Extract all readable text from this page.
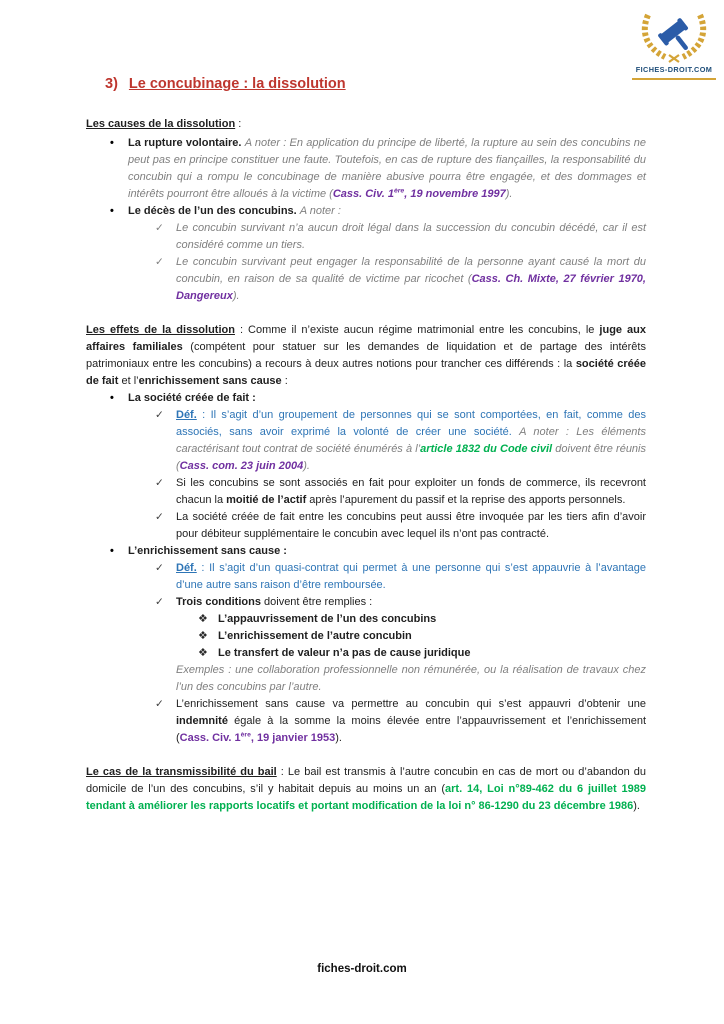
FICHES-DROIT.COM
3) Le concubinage : la dissolution
Les causes de la dissolution :
• La rupture volontaire. A noter : En application du principe de liberté, la rupture au sein des concubins ne peut pas en principe constituer une faute. Toutefois, en cas de rupture des fiançailles, la responsabilité du concubin qui a rompu le concubinage de manière abusive pourra être engagée, et des dommages et intérêts pourront être alloués à la victime (Cass. Civ. 1ère, 19 novembre 1997).
• Le décès de l’un des concubins. A noter :
✓ Le concubin survivant n’a aucun droit légal dans la succession du concubin décédé, car il est considéré comme un tiers.
✓ Le concubin survivant peut engager la responsabilité de la personne ayant causé la mort du concubin, en raison de sa qualité de victime par ricochet (Cass. Ch. Mixte, 27 février 1970, Dangereux).
Les effets de la dissolution : Comme il n’existe aucun régime matrimonial entre les concubins, le juge aux affaires familiales (compétent pour statuer sur les demandes de liquidation et de partage des intérêts patrimoniaux entre les concubins) a recours à deux autres notions pour trancher ces différends : la société créée de fait et l’enrichissement sans cause :
• La société créée de fait :
✓ Déf. : Il s’agit d’un groupement de personnes qui se sont comportées, en fait, comme des associés, sans avoir exprimé la volonté de créer une société. A noter : Les éléments caractérisant tout contrat de société énumérés à l’article 1832 du Code civil doivent être réunis (Cass. com. 23 juin 2004).
✓ Si les concubins se sont associés en fait pour exploiter un fonds de commerce, ils recevront chacun la moitié de l’actif après l’apurement du passif et la reprise des apports personnels.
✓ La société créée de fait entre les concubins peut aussi être invoquée par les tiers afin d’avoir pour débiteur supplémentaire le concubin avec lequel ils n’ont pas contracté.
• L’enrichissement sans cause :
✓ Déf. : Il s’agit d’un quasi-contrat qui permet à une personne qui s’est appauvrie à l’avantage d’une autre sans raison d’être remboursée.
✓ Trois conditions doivent être remplies :
❖ L’appauvrissement de l’un des concubins
❖ L’enrichissement de l’autre concubin
❖ Le transfert de valeur n’a pas de cause juridique
Exemples : une collaboration professionnelle non rémunérée, ou la réalisation de travaux chez l’un des concubins par l’autre.
✓ L’enrichissement sans cause va permettre au concubin qui s’est appauvri d’obtenir une indemnité égale à la somme la moins élevée entre l’appauvrissement et l’enrichissement (Cass. Civ. 1ère, 19 janvier 1953).
Le cas de la transmissibilité du bail : Le bail est transmis à l’autre concubin en cas de mort ou d’abandon du domicile de l’un des concubins, s’il y habitait depuis au moins un an (art. 14, Loi n°89-462 du 6 juillet 1989 tendant à améliorer les rapports locatifs et portant modification de la loi n° 86-1290 du 23 décembre 1986).
fiches-droit.com
